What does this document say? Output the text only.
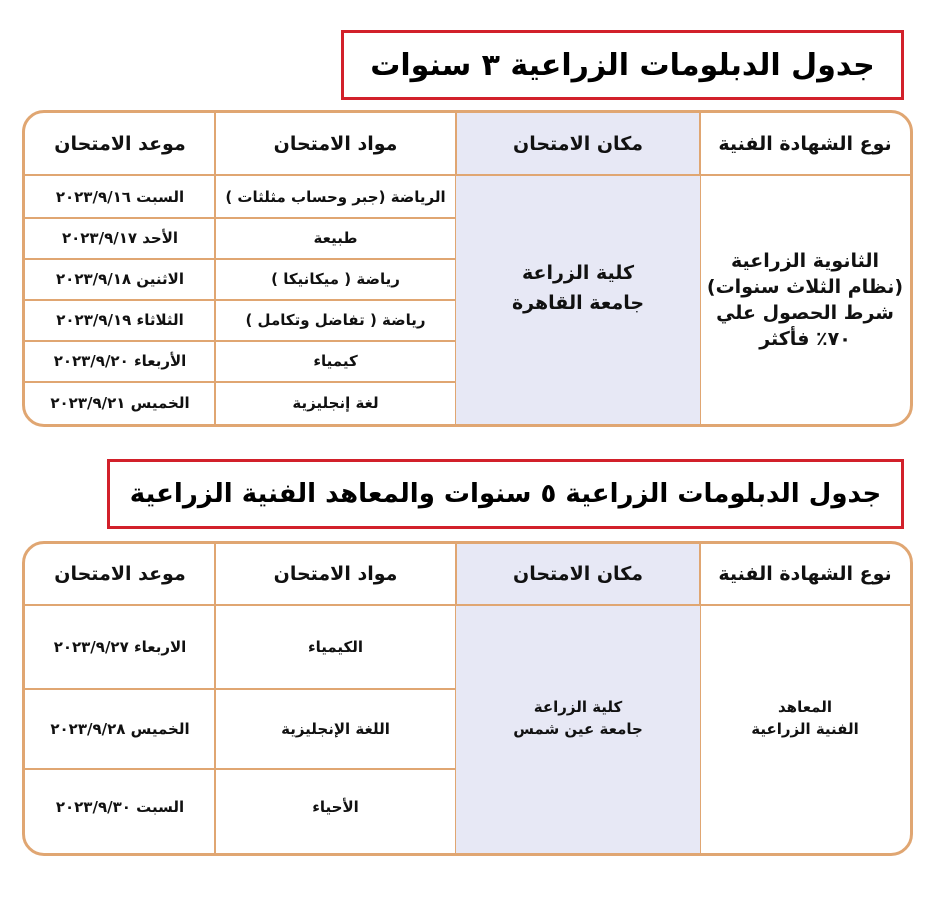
جدول الدبلومات الزراعية ٣ سنوات
نوع الشهادة الفنية
مكان الامتحان
مواد الامتحان
موعد الامتحان
الثانوية الزراعية
(نظام الثلاث سنوات)
شرط الحصول علي
٧٠٪ فأكثر
كلية الزراعة
جامعة القاهرة
الرياضة (جبر وحساب مثلثات )
السبت ٢٠٢٣/٩/١٦
طبيعة
الأحد ٢٠٢٣/٩/١٧
رياضة ( ميكانيكا )
الاثنين ٢٠٢٣/٩/١٨
رياضة ( تفاضل وتكامل )
الثلاثاء ٢٠٢٣/٩/١٩
كيمياء
الأربعاء ٢٠٢٣/٩/٢٠
لغة إنجليزية
الخميس ٢٠٢٣/٩/٢١
جدول الدبلومات الزراعية ٥ سنوات والمعاهد الفنية الزراعية
نوع الشهادة الفنية
مكان الامتحان
مواد الامتحان
موعد الامتحان
المعاهد
الفنية الزراعية
كلية الزراعة
جامعة عين شمس
الكيمياء
الاربعاء ٢٠٢٣/٩/٢٧
اللغة الإنجليزية
الخميس ٢٠٢٣/٩/٢٨
الأحياء
السبت ٢٠٢٣/٩/٣٠
